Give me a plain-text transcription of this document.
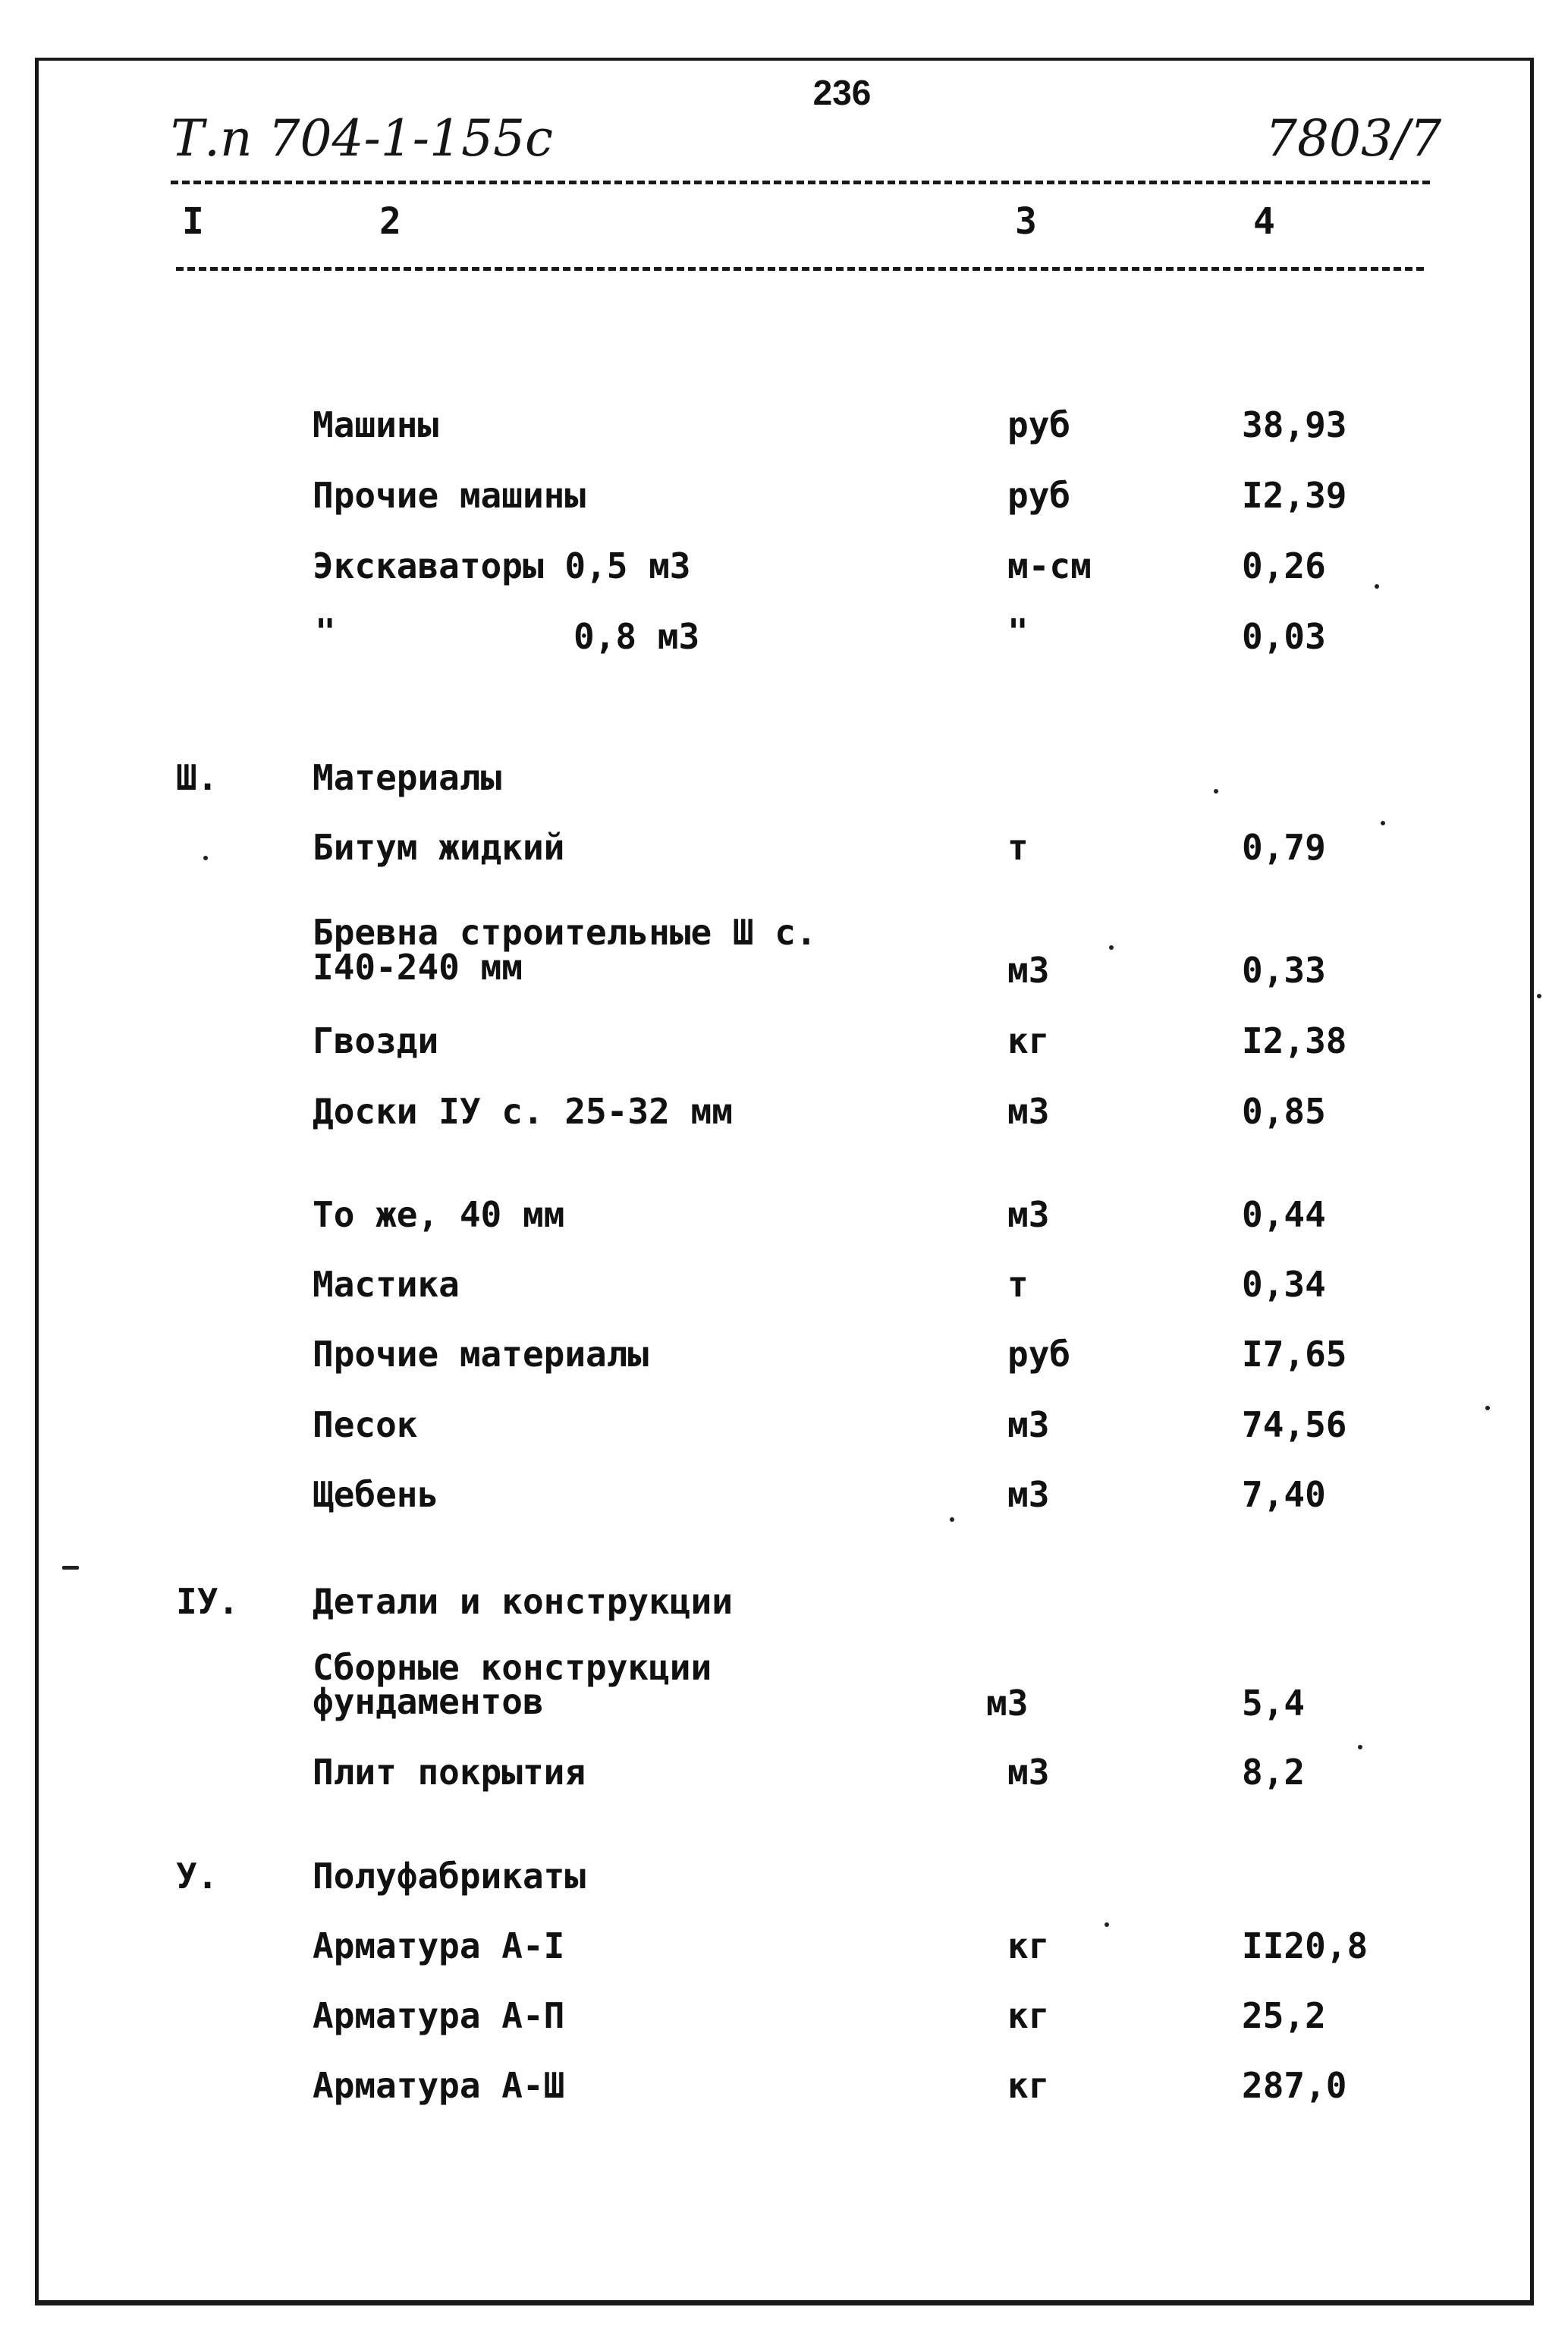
236
Т.п 704-1-155с	7803/7
I	2	3	4
Машины	руб	38,93
Прочие машины	руб	I2,39
Экскаваторы 0,5 м3	м-см	0,26
"	0,8 м3	"	0,03
Ш.	Материалы
Битум жидкий	т	0,79
Бревна строительные Ш с.
I40-240 мм	м3	0,33
Гвозди	кг	I2,38
Доски IУ с. 25-32 мм	м3	0,85
То же, 40 мм	м3	0,44
Мастика	т	0,34
Прочие материалы	руб	I7,65
Песок	м3	74,56
Щебень	м3	7,40
IУ. Детали и конструкции
Сборные конструкции
фундаментов	м3	5,4
Плит покрытия	м3	8,2
У.	Полуфабрикаты
Арматура А-I	кг	II20,8
Арматура А-П	кг	25,2
Арматура А-Ш	кг	287,0
